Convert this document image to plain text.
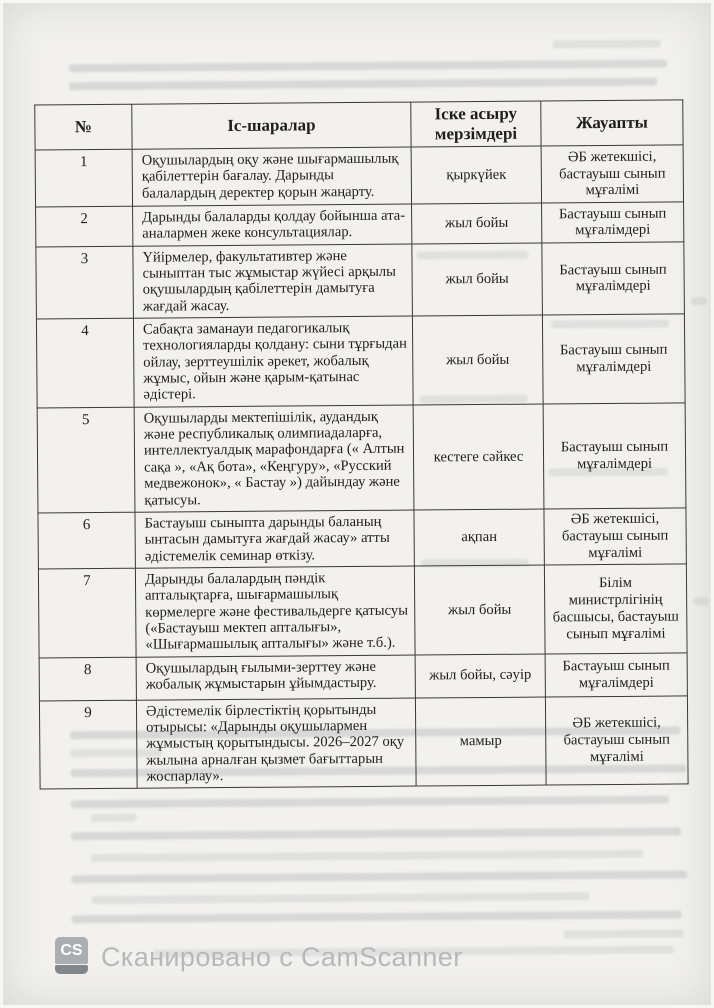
№	Іс-шаралар	Іске асыру мерзімдері	Жауапты
1	Оқушылардың оқу және шығармашылық қабілеттерін бағалау. Дарынды балалардың деректер қорын жаңарту.	қыркүйек	ӘБ жетекшісі, бастауыш сынып мұғалімі
2	Дарынды балаларды қолдау бойынша ата-аналармен жеке консультациялар.	жыл бойы	Бастауыш сынып мұғалімдері
3	Үйірмелер, факультативтер және сыныптан тыс жұмыстар жүйесі арқылы оқушылардың қабілеттерін дамытуға жағдай жасау.	жыл бойы	Бастауыш сынып мұғалімдері
4	Сабақта заманауи педагогикалық технологияларды қолдану: сыни тұрғыдан ойлау, зерттеушілік әрекет, жобалық жұмыс, ойын және қарым-қатынас әдістері.	жыл бойы	Бастауыш сынып мұғалімдері
5	Оқушыларды мектепішілік, аудандық және республикалық олимпиадаларға, интеллектуалдық марафондарға (« Алтын сақа », «Ақ бота», «Кеңгуру», «Русский медвежонок», « Бастау ») дайындау және қатысуы.	кестеге сәйкес	Бастауыш сынып мұғалімдері
6	Бастауыш сыныпта дарынды баланың ынтасын дамытуға жағдай жасау» атты әдістемелік семинар өткізу.	ақпан	ӘБ жетекшісі, бастауыш сынып мұғалімі
7	Дарынды балалардың пәндік апталықтарға, шығармашылық көрмелерге және фестивальдерге қатысуы («Бастауыш мектеп апталығы», «Шығармашылық апталығы» және т.б.).	жыл бойы	Білім министрлігінің басшысы, бастауыш сынып мұғалімі
8	Оқушылардың ғылыми-зерттеу және жобалық жұмыстарын ұйымдастыру.	жыл бойы, сәуір	Бастауыш сынып мұғалімдері
9	Әдістемелік бірлестіктің қорытынды отырысы: «Дарынды оқушылармен жұмыстың қорытындысы. 2026–2027 оқу жылына арналған қызмет бағыттарын жоспарлау».	мамыр	ӘБ жетекшісі, бастауыш сынып мұғалімі
CS Сканировано с CamScanner
